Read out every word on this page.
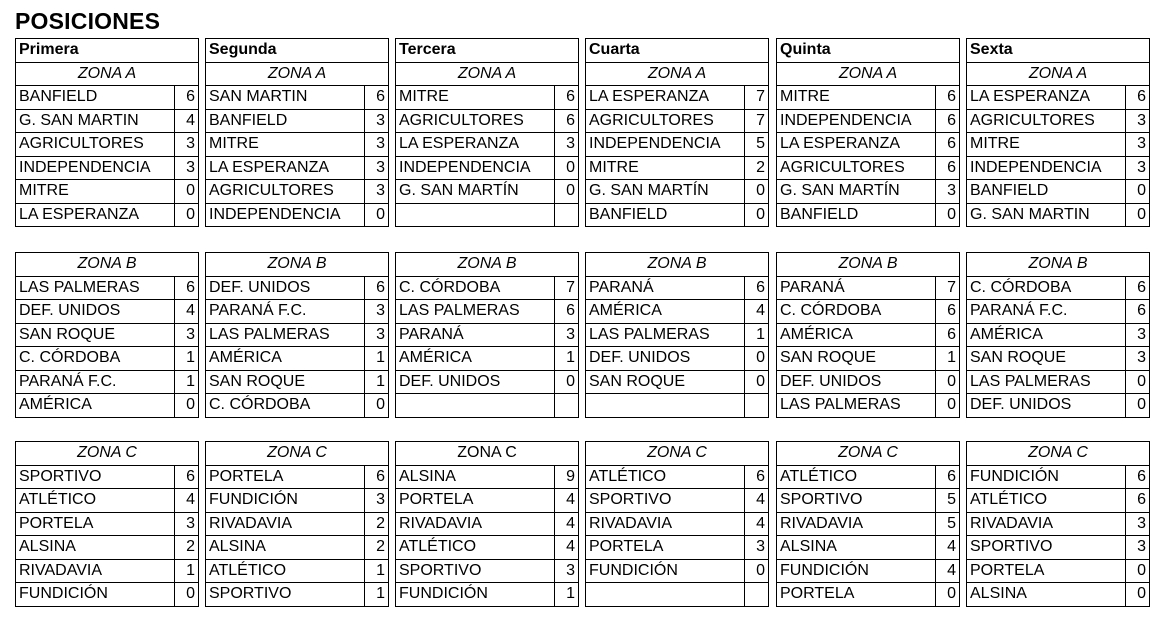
POSICIONES
Primera	
ZONA A	
BANFIELD	6
G. SAN MARTIN	4
AGRICULTORES	3
INDEPENDENCIA	3
MITRE	0
LA ESPERANZA	0
ZONA B	
LAS PALMERAS	6
DEF. UNIDOS	4
SAN ROQUE	3
C. CÓRDOBA	1
PARANÁ F.C.	1
AMÉRICA	0
ZONA C	
SPORTIVO	6
ATLÉTICO	4
PORTELA	3
ALSINA	2
RIVADAVIA	1
FUNDICIÓN	0
Segunda	
ZONA A	
SAN MARTIN	6
BANFIELD	3
MITRE	3
LA ESPERANZA	3
AGRICULTORES	3
INDEPENDENCIA	0
ZONA B	
DEF. UNIDOS	6
PARANÁ F.C.	3
LAS PALMERAS	3
AMÉRICA	1
SAN ROQUE	1
C. CÓRDOBA	0
ZONA C	
PORTELA	6
FUNDICIÓN	3
RIVADAVIA	2
ALSINA	2
ATLÉTICO	1
SPORTIVO	1
Tercera	
ZONA A	
MITRE	6
AGRICULTORES	6
LA ESPERANZA	3
INDEPENDENCIA	0
G. SAN MARTÍN	0

ZONA B	
C. CÓRDOBA	7
LAS PALMERAS	6
PARANÁ	3
AMÉRICA	1
DEF. UNIDOS	0

ZONA C	
ALSINA	9
PORTELA	4
RIVADAVIA	4
ATLÉTICO	4
SPORTIVO	3
FUNDICIÓN	1
Cuarta	
ZONA A	
LA ESPERANZA	7
AGRICULTORES	7
INDEPENDENCIA	5
MITRE	2
G. SAN MARTÍN	0
BANFIELD	0
ZONA B	
PARANÁ	6
AMÉRICA	4
LAS PALMERAS	1
DEF. UNIDOS	0
SAN ROQUE	0

ZONA C	
ATLÉTICO	6
SPORTIVO	4
RIVADAVIA	4
PORTELA	3
FUNDICIÓN	0

Quinta	
ZONA A	
MITRE	6
INDEPENDENCIA	6
LA ESPERANZA	6
AGRICULTORES	6
G. SAN MARTÍN	3
BANFIELD	0
ZONA B	
PARANÁ	7
C. CÓRDOBA	6
AMÉRICA	6
SAN ROQUE	1
DEF. UNIDOS	0
LAS PALMERAS	0
ZONA C	
ATLÉTICO	6
SPORTIVO	5
RIVADAVIA	5
ALSINA	4
FUNDICIÓN	4
PORTELA	0
Sexta	
ZONA A	
LA ESPERANZA	6
AGRICULTORES	3
MITRE	3
INDEPENDENCIA	3
BANFIELD	0
G. SAN MARTIN	0
ZONA B	
C. CÓRDOBA	6
PARANÁ F.C.	6
AMÉRICA	3
SAN ROQUE	3
LAS PALMERAS	0
DEF. UNIDOS	0
ZONA C	
FUNDICIÓN	6
ATLÉTICO	6
RIVADAVIA	3
SPORTIVO	3
PORTELA	0
ALSINA	0
